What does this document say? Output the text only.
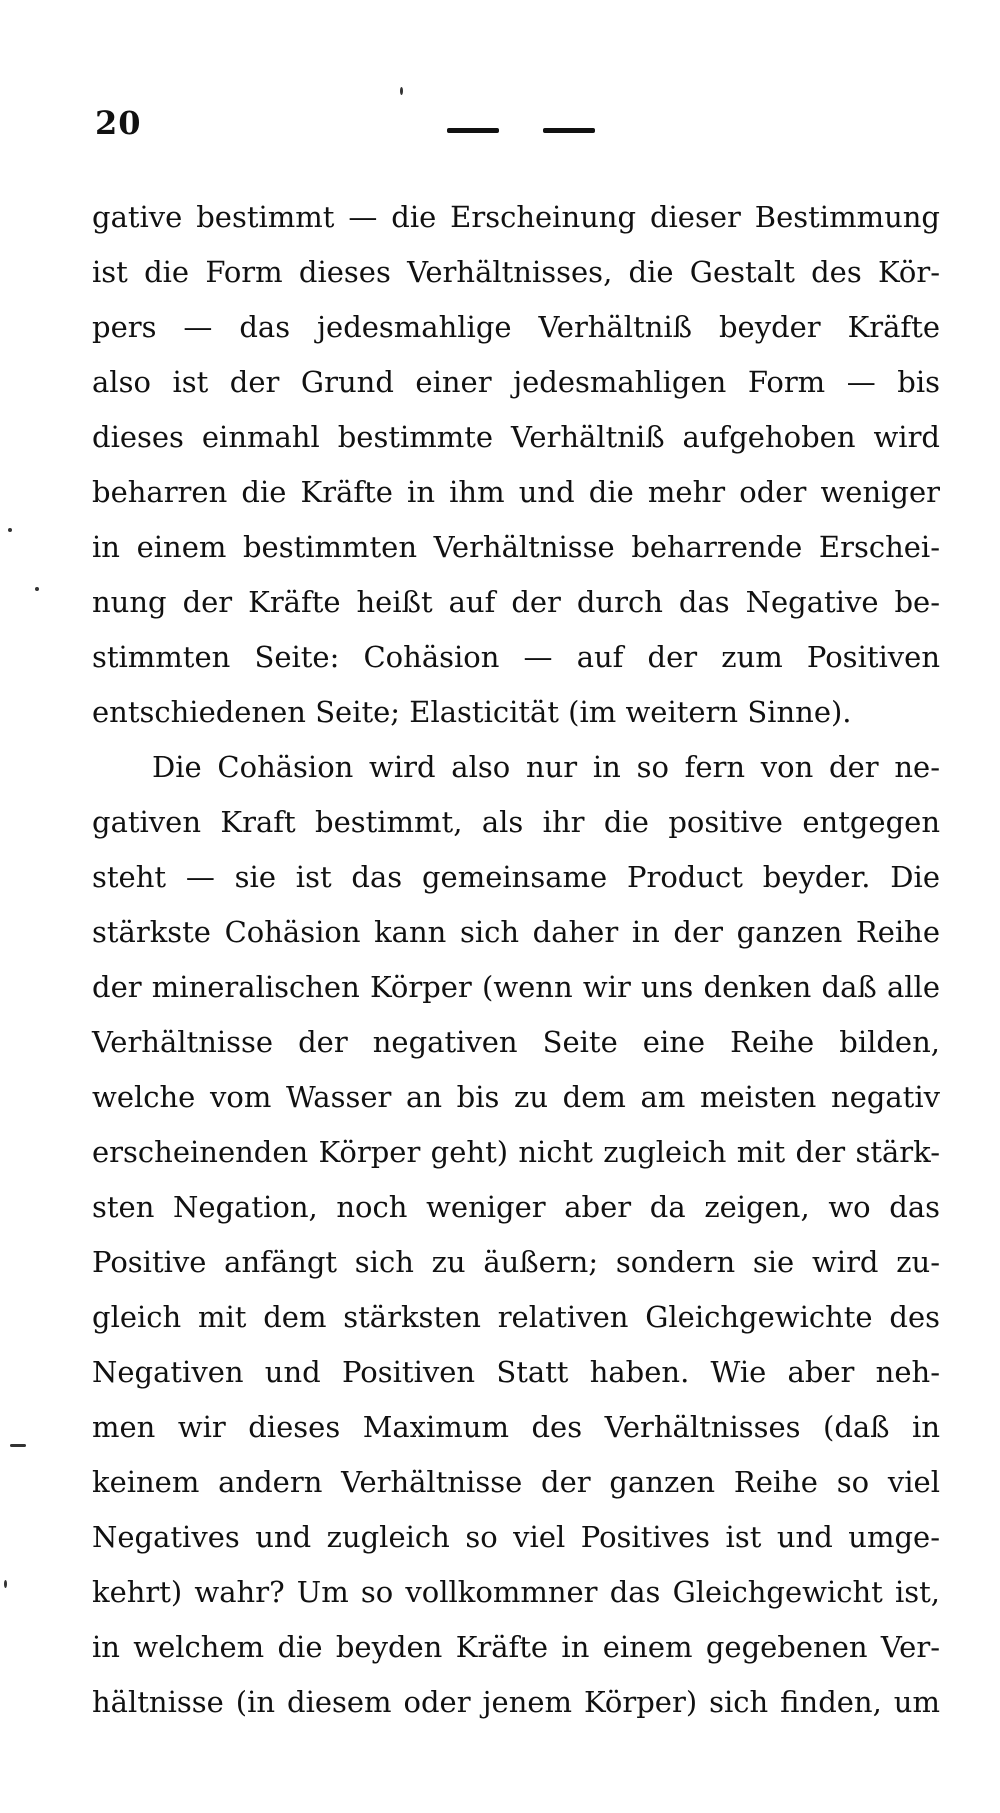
20
gative bestimmt — die Erscheinung dieser Bestimmung
ist die Form dieses Verhältnisses, die Gestalt des Kör-
pers — das jedesmahlige Verhältniß beyder Kräfte
also ist der Grund einer jedesmahligen Form — bis
dieses einmahl bestimmte Verhältniß aufgehoben wird
beharren die Kräfte in ihm und die mehr oder weniger
in einem bestimmten Verhältnisse beharrende Erschei-
nung der Kräfte heißt auf der durch das Negative be-
stimmten Seite: Cohäsion — auf der zum Positiven
entschiedenen Seite; Elasticität (im weitern Sinne).
Die Cohäsion wird also nur in so fern von der ne-
gativen Kraft bestimmt, als ihr die positive entgegen
steht — sie ist das gemeinsame Product beyder. Die
stärkste Cohäsion kann sich daher in der ganzen Reihe
der mineralischen Körper (wenn wir uns denken daß alle
Verhältnisse der negativen Seite eine Reihe bilden,
welche vom Wasser an bis zu dem am meisten negativ
erscheinenden Körper geht) nicht zugleich mit der stärk-
sten Negation, noch weniger aber da zeigen, wo das
Positive anfängt sich zu äußern; sondern sie wird zu-
gleich mit dem stärksten relativen Gleichgewichte des
Negativen und Positiven Statt haben. Wie aber neh-
men wir dieses Maximum des Verhältnisses (daß in
keinem andern Verhältnisse der ganzen Reihe so viel
Negatives und zugleich so viel Positives ist und umge-
kehrt) wahr? Um so vollkommner das Gleichgewicht ist,
in welchem die beyden Kräfte in einem gegebenen Ver-
hältnisse (in diesem oder jenem Körper) sich finden, um
